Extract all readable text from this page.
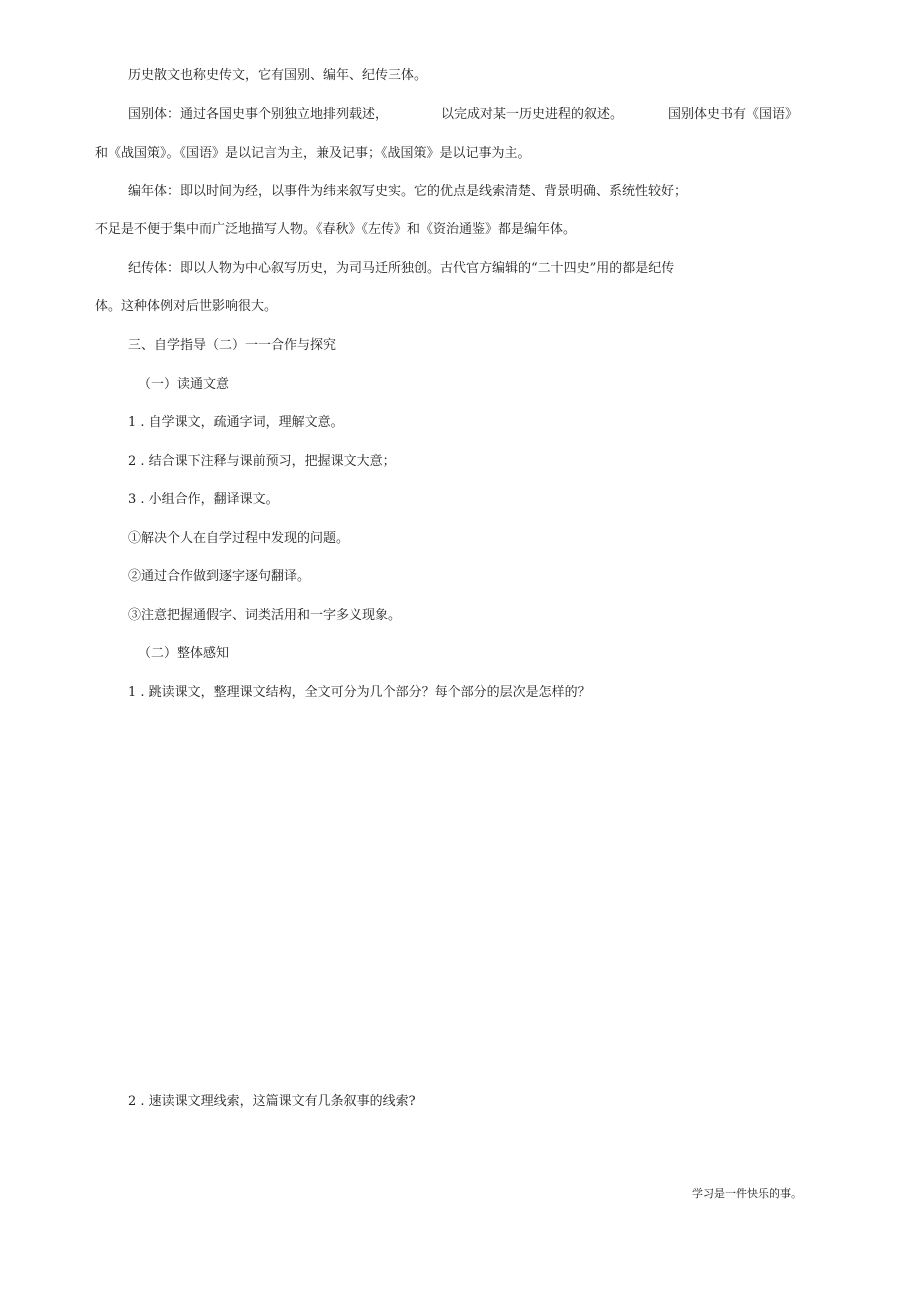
历史散文也称史传文，它有国别、编年、纪传三体。
国别体：通过各国史事个别独立地排列载述，	以完成对某一历史进程的叙述。	国别体史书有《国语》
和《战国策》。《国语》是以记言为主，兼及记事；《战国策》是以记事为主。
编年体：即以时间为经，以事件为纬来叙写史实。它的优点是线索清楚、背景明确、系统性较好；
不足是不便于集中而广泛地描写人物。《春秋》《左传》和《资治通鉴》都是编年体。
纪传体：即以人物为中心叙写历史，为司马迁所独创。古代官方编辑的“二十四史”用的都是纪传
体。这种体例对后世影响很大。
三、自学指导（二）一一合作与探究
（一）读通文意
1 . 自学课文，疏通字词，理解文意。
2 . 结合课下注释与课前预习，把握课文大意；
3 . 小组合作，翻译课文。
①解决个人在自学过程中发现的问题。
②通过合作做到逐字逐句翻译。
③注意把握通假字、词类活用和一字多义现象。
（二）整体感知
1 . 跳读课文，整理课文结构，全文可分为几个部分？每个部分的层次是怎样的？
2 . 速读课文理线索，这篇课文有几条叙事的线索?
学习是一件快乐的事。
